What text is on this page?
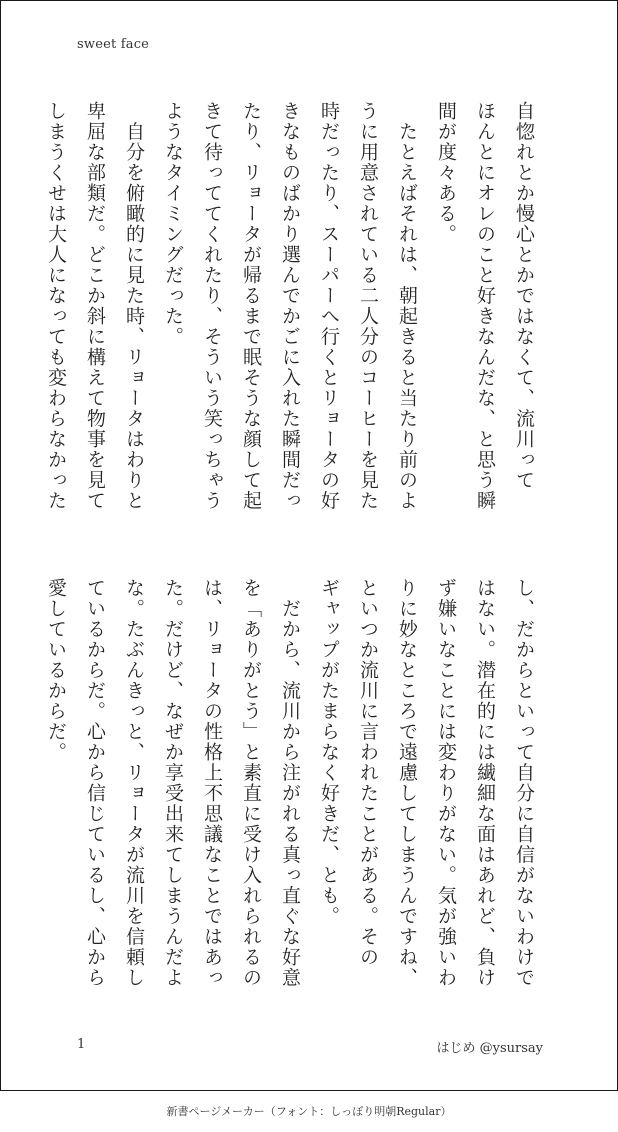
sweet face

自惚れとか慢心とかではなくて、流川って

ほんとにオレのこと好きなんだな、と思う瞬

間が度々ある。

　たとえばそれは、朝起きると当たり前のよ

うに用意されている二人分のコーヒーを見た

時だったり、スーパーへ行くとリョータの好

きなものばかり選んでかごに入れた瞬間だっ

たり、リョータが帰るまで眠そうな顔して起

きて待っててくれたり、そういう笑っちゃう

ようなタイミングだった。

　自分を俯瞰的に見た時、リョータはわりと

卑屈な部類だ。どこか斜に構えて物事を見て

しまうくせは大人になっても変わらなかった

し、だからといって自分に自信がないわけで

はない。潜在的には繊細な面はあれど、負け

ず嫌いなことには変わりがない。気が強いわ

りに妙なところで遠慮してしまうんですね、

といつか流川に言われたことがある。その

ギャップがたまらなく好きだ、とも。

　だから、流川から注がれる真っ直ぐな好意

を「ありがとう」と素直に受け入れられるの

は、リョータの性格上不思議なことではあっ

た。だけど、なぜか享受出来てしまうんだよ

な。たぶんきっと、リョータが流川を信頼し

ているからだ。心から信じているし、心から

愛しているからだ。

1	はじめ @ysursay
新書ページメーカー（フォント：しっぽり明朝Regular）
